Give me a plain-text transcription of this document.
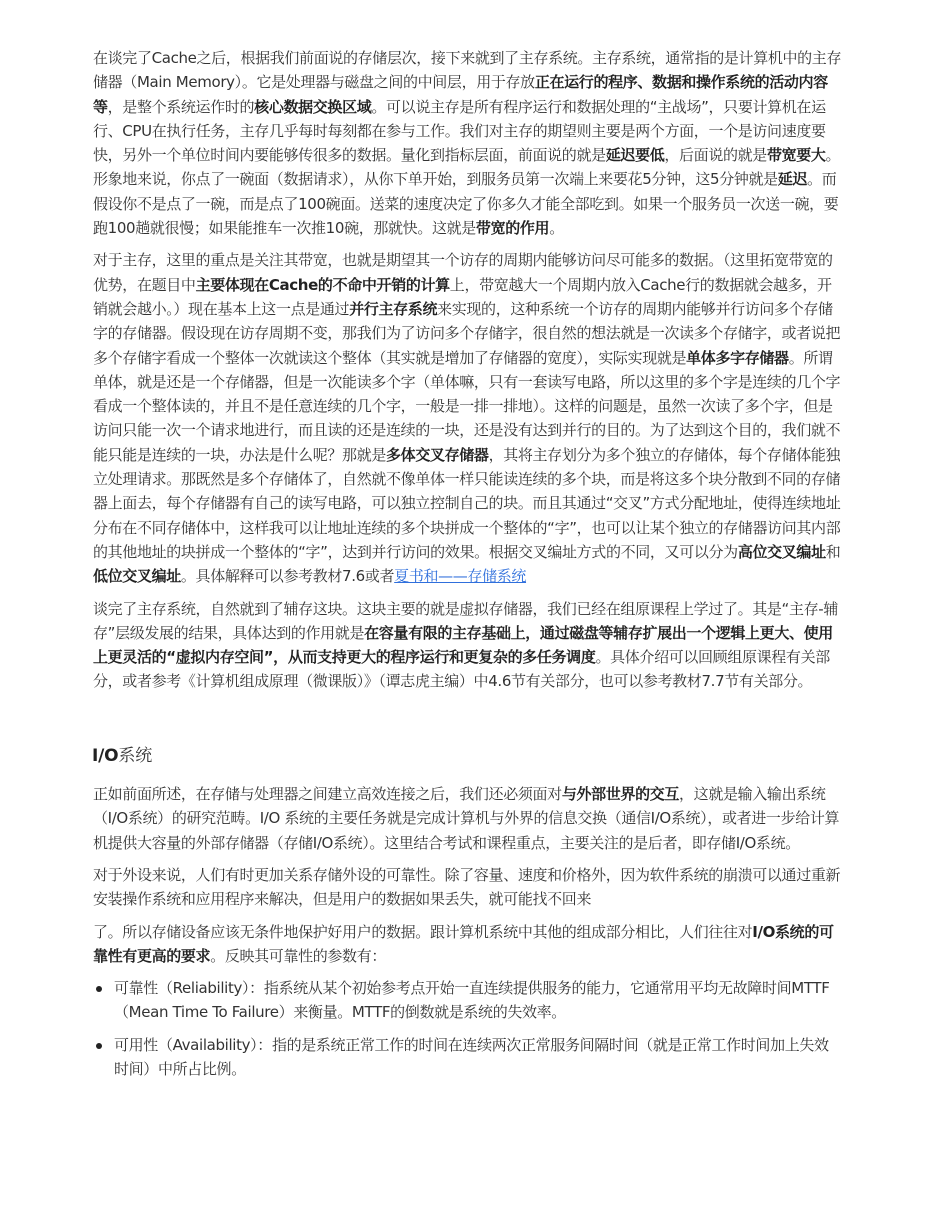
在谈完了Cache之后，根据我们前面说的存储层次，接下来就到了主存系统。主存系统，通常指的是计算机中的主存储器（Main Memory）。它是处理器与磁盘之间的中间层，用于存放正在运行的程序、数据和操作系统的活动内容等，是整个系统运作时的核心数据交换区域。可以说主存是所有程序运行和数据处理的“主战场”，只要计算机在运行、CPU在执行任务，主存几乎每时每刻都在参与工作。我们对主存的期望则主要是两个方面，一个是访问速度要快，另外一个单位时间内要能够传很多的数据。量化到指标层面，前面说的就是延迟要低，后面说的就是带宽要大。形象地来说，你点了一碗面（数据请求），从你下单开始，到服务员第一次端上来要花5分钟，这5分钟就是延迟。而假设你不是点了一碗，而是点了100碗面。送菜的速度决定了你多久才能全部吃到。如果一个服务员一次送一碗，要跑100趟就很慢；如果能推车一次推10碗，那就快。这就是带宽的作用。

对于主存，这里的重点是关注其带宽，也就是期望其一个访存的周期内能够访问尽可能多的数据。（这里拓宽带宽的优势，在题目中主要体现在Cache的不命中开销的计算上，带宽越大一个周期内放入Cache行的数据就会越多，开销就会越小。）现在基本上这一点是通过并行主存系统来实现的，这种系统一个访存的周期内能够并行访问多个存储字的存储器。假设现在访存周期不变，那我们为了访问多个存储字，很自然的想法就是一次读多个存储字，或者说把多个存储字看成一个整体一次就读这个整体（其实就是增加了存储器的宽度），实际实现就是单体多字存储器。所谓单体，就是还是一个存储器，但是一次能读多个字（单体嘛，只有一套读写电路，所以这里的多个字是连续的几个字看成一个整体读的，并且不是任意连续的几个字，一般是一排一排地）。这样的问题是，虽然一次读了多个字，但是访问只能一次一个请求地进行，而且读的还是连续的一块，还是没有达到并行的目的。为了达到这个目的，我们就不能只能是连续的一块，办法是什么呢？那就是多体交叉存储器，其将主存划分为多个独立的存储体，每个存储体能独立处理请求。那既然是多个存储体了，自然就不像单体一样只能读连续的多个块，而是将这多个块分散到不同的存储器上面去，每个存储器有自己的读写电路，可以独立控制自己的块。而且其通过“交叉”方式分配地址，使得连续地址分布在不同存储体中，这样我可以让地址连续的多个块拼成一个整体的“字”，也可以让某个独立的存储器访问其内部的其他地址的块拼成一个整体的“字”，达到并行访问的效果。根据交叉编址方式的不同，又可以分为高位交叉编址和低位交叉编址。具体解释可以参考教材7.6或者夏书和——存储系统

谈完了主存系统，自然就到了辅存这块。这块主要的就是虚拟存储器，我们已经在组原课程上学过了。其是“主存-辅存”层级发展的结果，具体达到的作用就是在容量有限的主存基础上，通过磁盘等辅存扩展出一个逻辑上更大、使用上更灵活的“虚拟内存空间”，从而支持更大的程序运行和更复杂的多任务调度。具体介绍可以回顾组原课程有关部分，或者参考《计算机组成原理（微课版）》（谭志虎主编）中4.6节有关部分，也可以参考教材7.7节有关部分。

I/O系统

正如前面所述，在存储与处理器之间建立高效连接之后，我们还必须面对与外部世界的交互，这就是输入输出系统（I/O系统）的研究范畴。I/O 系统的主要任务就是完成计算机与外界的信息交换（通信I/O系统），或者进一步给计算机提供大容量的外部存储器（存储I/O系统）。这里结合考试和课程重点，主要关注的是后者，即存储I/O系统。

对于外设来说，人们有时更加关系存储外设的可靠性。除了容量、速度和价格外，因为软件系统的崩溃可以通过重新安装操作系统和应用程序来解决，但是用户的数据如果丢失，就可能找不回来

了。所以存储设备应该无条件地保护好用户的数据。跟计算机系统中其他的组成部分相比，人们往往对I/O系统的可靠性有更高的要求。反映其可靠性的参数有：

可靠性（Reliability）：指系统从某个初始参考点开始一直连续提供服务的能力，它通常用平均无故障时间MTTF（Mean Time To Failure）来衡量。MTTF的倒数就是系统的失效率。
可用性（Availability）：指的是系统正常工作的时间在连续两次正常服务间隔时间（就是正常工作时间加上失效时间）中所占比例。
